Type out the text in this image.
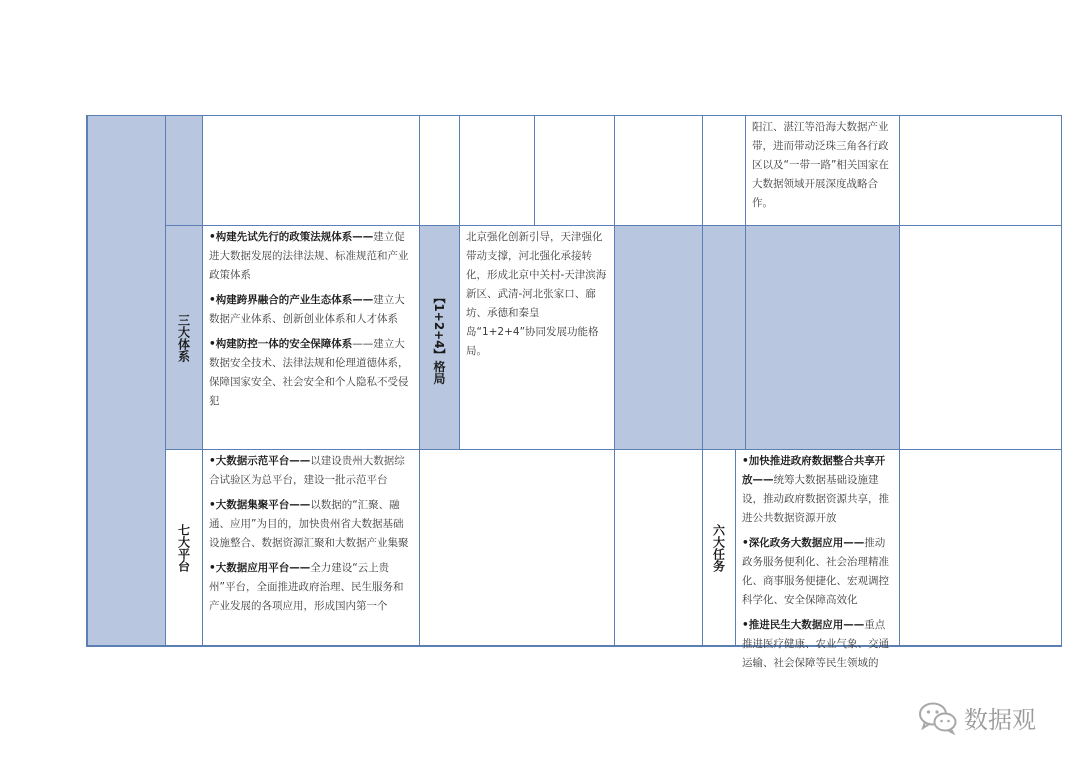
阳江、湛江等沿海大数据产业带，进而带动泛珠三角各行政区以及“一带一路”相关国家在大数据领域开展深度战略合作。
三大体系
•构建先试先行的政策法规体系——建立促进大数据发展的法律法规、标准规范和产业政策体系
•构建跨界融合的产业生态体系——建立大数据产业体系、创新创业体系和人才体系
•构建防控一体的安全保障体系——建立大数据安全技术、法律法规和伦理道德体系，保障国家安全、社会安全和个人隐私不受侵犯
【1+2+4】格局
北京强化创新引导，天津强化带动支撑，河北强化承接转化，形成北京中关村-天津滨海新区、武清-河北张家口、廊坊、承德和秦皇岛“1+2+4”协同发展功能格局。
七大平台
•大数据示范平台——以建设贵州大数据综合试验区为总平台，建设一批示范平台
•大数据集聚平台——以数据的“汇聚、融通、应用”为目的，加快贵州省大数据基础设施整合、数据资源汇聚和大数据产业集聚
•大数据应用平台——全力建设“云上贵州”平台，全面推进政府治理、民生服务和产业发展的各项应用，形成国内第一个
六大任务
•加快推进政府数据整合共享开放——统筹大数据基础设施建设，推动政府数据资源共享，推进公共数据资源开放
•深化政务大数据应用——推动政务服务便利化、社会治理精准化、商事服务便捷化、宏观调控科学化、安全保障高效化
•推进民生大数据应用——重点推进医疗健康、农业气象、交通运输、社会保障等民生领域的
数据观
